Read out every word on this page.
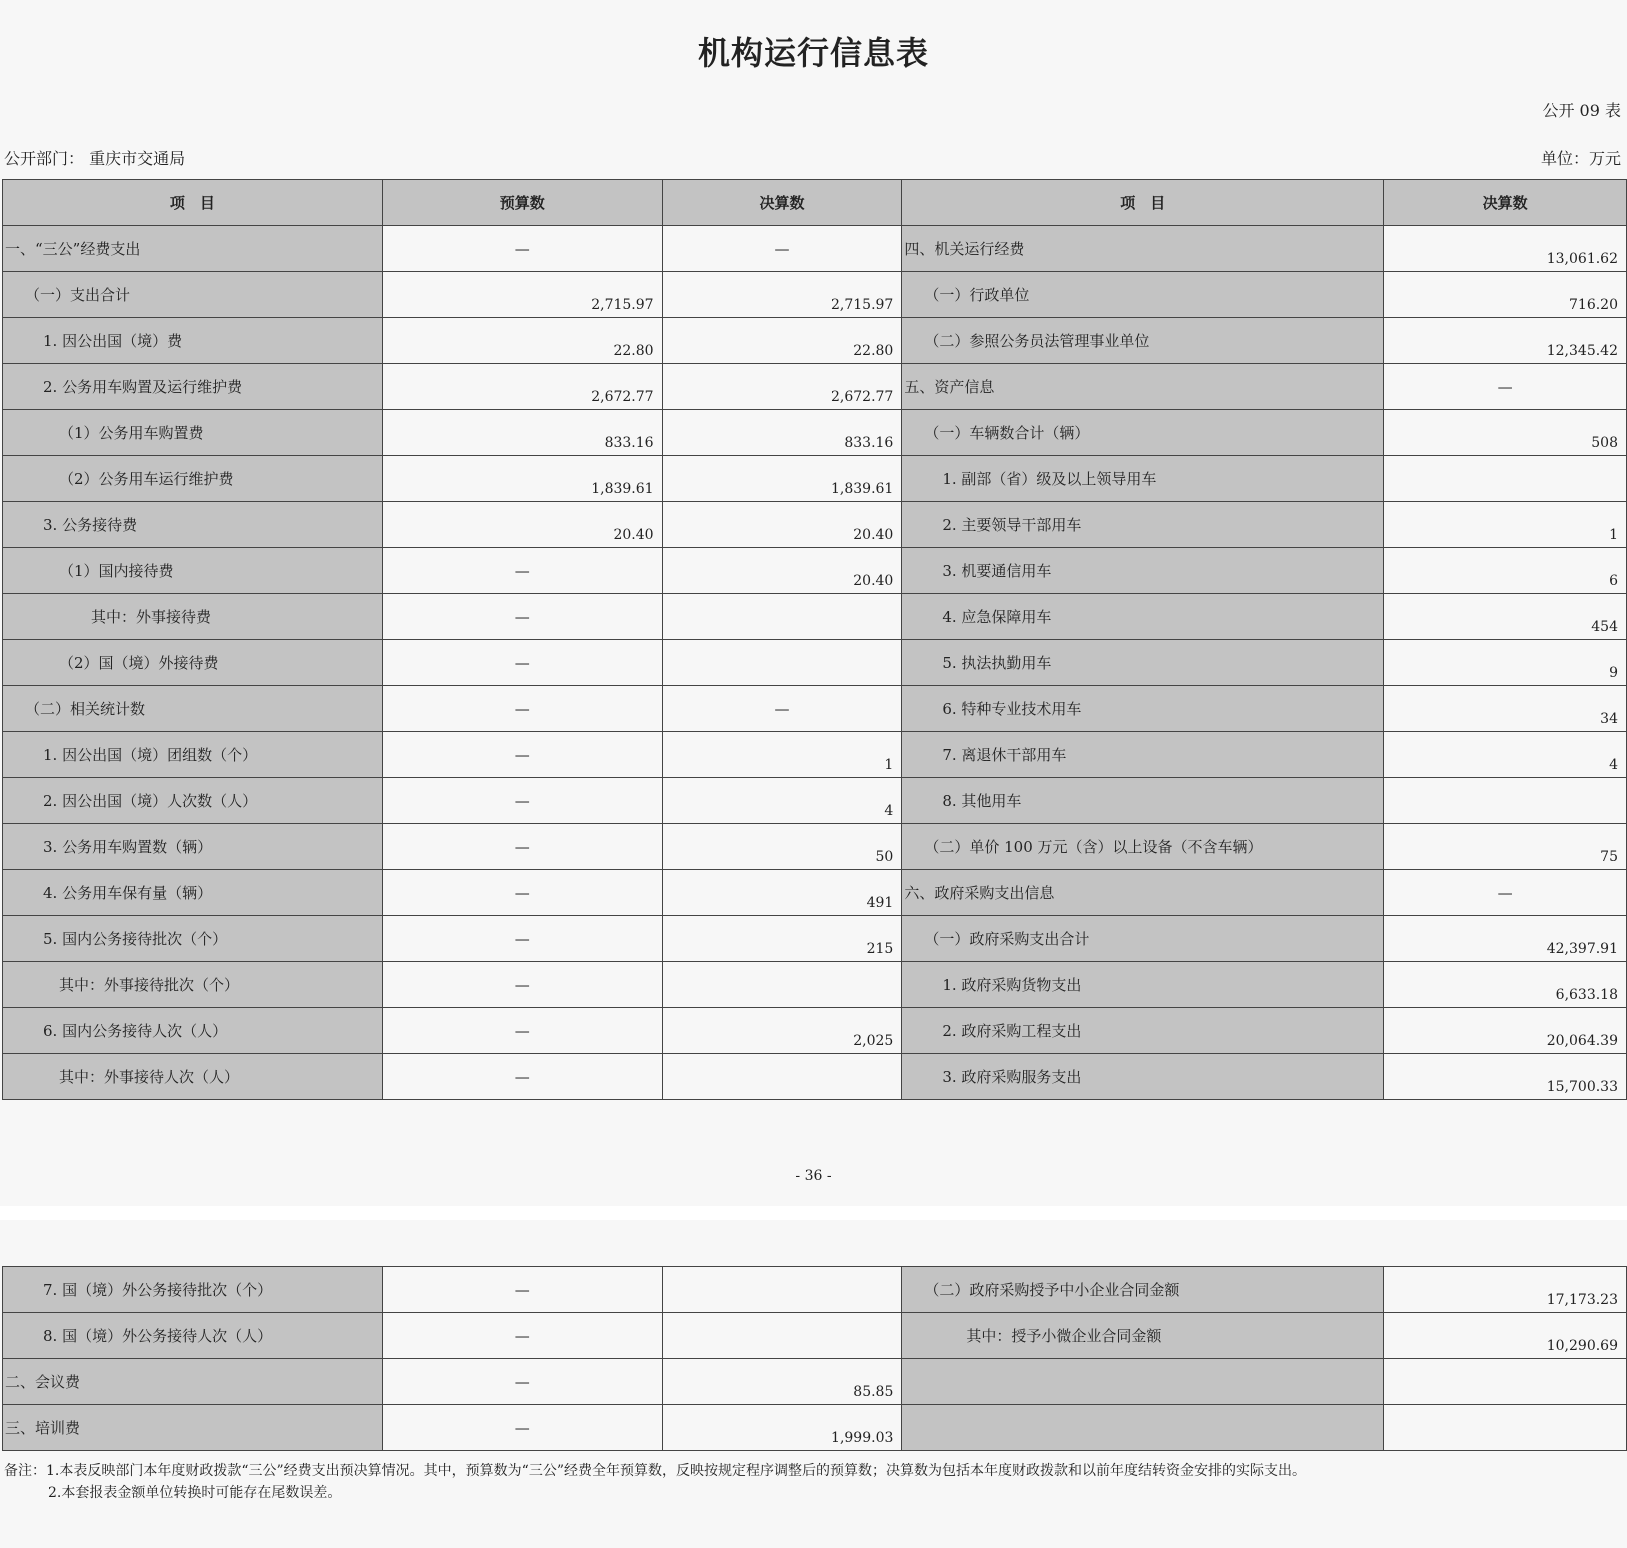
机构运行信息表
公开 09 表
公开部门： 重庆市交通局	单位：万元
项　目	预算数	决算数	项　目	决算数

一、“三公”经费支出	—	—	四、机关运行经费	13,061.62

（一）支出合计	2,715.97	2,715.97	（一）行政单位	716.20

1. 因公出国（境）费	22.80	22.80	（二）参照公务员法管理事业单位	12,345.42

2. 公务用车购置及运行维护费	2,672.77	2,672.77	五、资产信息	—

（1）公务用车购置费	833.16	833.16	（一）车辆数合计（辆）	508

（2）公务用车运行维护费	1,839.61	1,839.61	1. 副部（省）级及以上领导用车	

3. 公务接待费	20.40	20.40	2. 主要领导干部用车	1

（1）国内接待费	—	20.40	3. 机要通信用车	6

其中：外事接待费	—		4. 应急保障用车	454

（2）国（境）外接待费	—		5. 执法执勤用车	9

（二）相关统计数	—	—	6. 特种专业技术用车	34

1. 因公出国（境）团组数（个）	—	1	7. 离退休干部用车	4

2. 因公出国（境）人次数（人）	—	4	8. 其他用车	

3. 公务用车购置数（辆）	—	50	（二）单价 100 万元（含）以上设备（不含车辆）	75

4. 公务用车保有量（辆）	—	491	六、政府采购支出信息	—

5. 国内公务接待批次（个）	—	215	（一）政府采购支出合计	42,397.91

其中：外事接待批次（个）	—		1. 政府采购货物支出	6,633.18

6. 国内公务接待人次（人）	—	2,025	2. 政府采购工程支出	20,064.39

其中：外事接待人次（人）	—		3. 政府采购服务支出	15,700.33
- 36 -
7. 国（境）外公务接待批次（个）	—		（二）政府采购授予中小企业合同金额	17,173.23

8. 国（境）外公务接待人次（人）	—		其中：授予小微企业合同金额	10,290.69

二、会议费	—	85.85		

三、培训费	—	1,999.03		

备注：1.本表反映部门本年度财政拨款“三公”经费支出预决算情况。其中，预算数为“三公”经费全年预算数，反映按规定程序调整后的预算数；决算数为包括本年度财政拨款和以前年度结转资金安排的实际支出。
2.本套报表金额单位转换时可能存在尾数误差。
